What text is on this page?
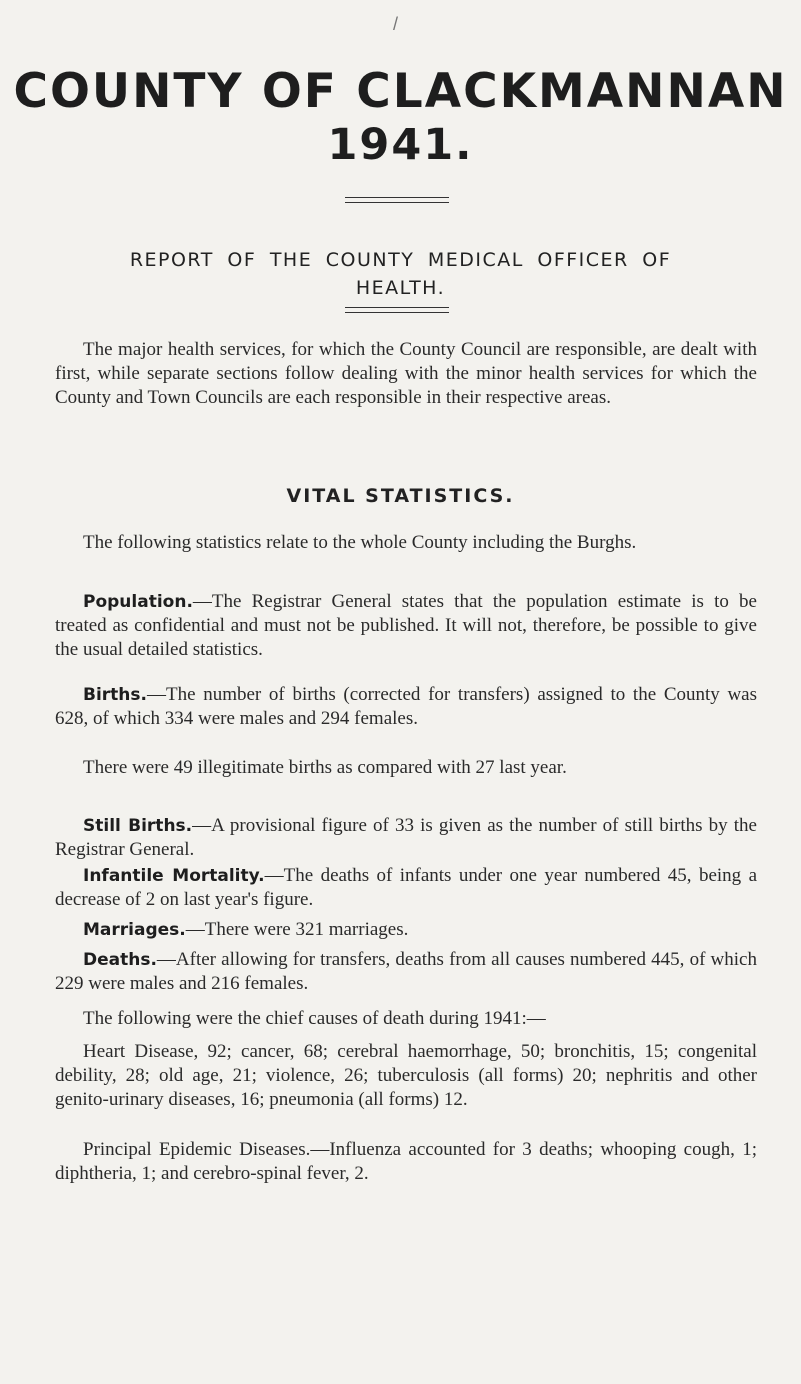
/
COUNTY OF CLACKMANNAN
1941.
REPORT OF THE COUNTY MEDICAL OFFICER OF
HEALTH.
The major health services, for which the County Council are responsible, are dealt with first, while separate sections follow dealing with the minor health services for which the County and Town Councils are each responsible in their respective areas.
VITAL STATISTICS.
The following statistics relate to the whole County including the Burghs.
Population.—The Registrar General states that the population estimate is to be treated as confidential and must not be published. It will not, therefore, be possible to give the usual detailed statistics.
Births.—The number of births (corrected for transfers) assigned to the County was 628, of which 334 were males and 294 females.
There were 49 illegitimate births as compared with 27 last year.
Still Births.—A provisional figure of 33 is given as the number of still births by the Registrar General.
Infantile Mortality.—The deaths of infants under one year numbered 45, being a decrease of 2 on last year's figure.
Marriages.—There were 321 marriages.
Deaths.—After allowing for transfers, deaths from all causes numbered 445, of which 229 were males and 216 females.
The following were the chief causes of death during 1941:—
Heart Disease, 92; cancer, 68; cerebral haemorrhage, 50; bronchitis, 15; congenital debility, 28; old age, 21; violence, 26; tuberculosis (all forms) 20; nephritis and other genito-urinary diseases, 16; pneumonia (all forms) 12.
Principal Epidemic Diseases.—Influenza accounted for 3 deaths; whooping cough, 1; diphtheria, 1; and cerebro-spinal fever, 2.
